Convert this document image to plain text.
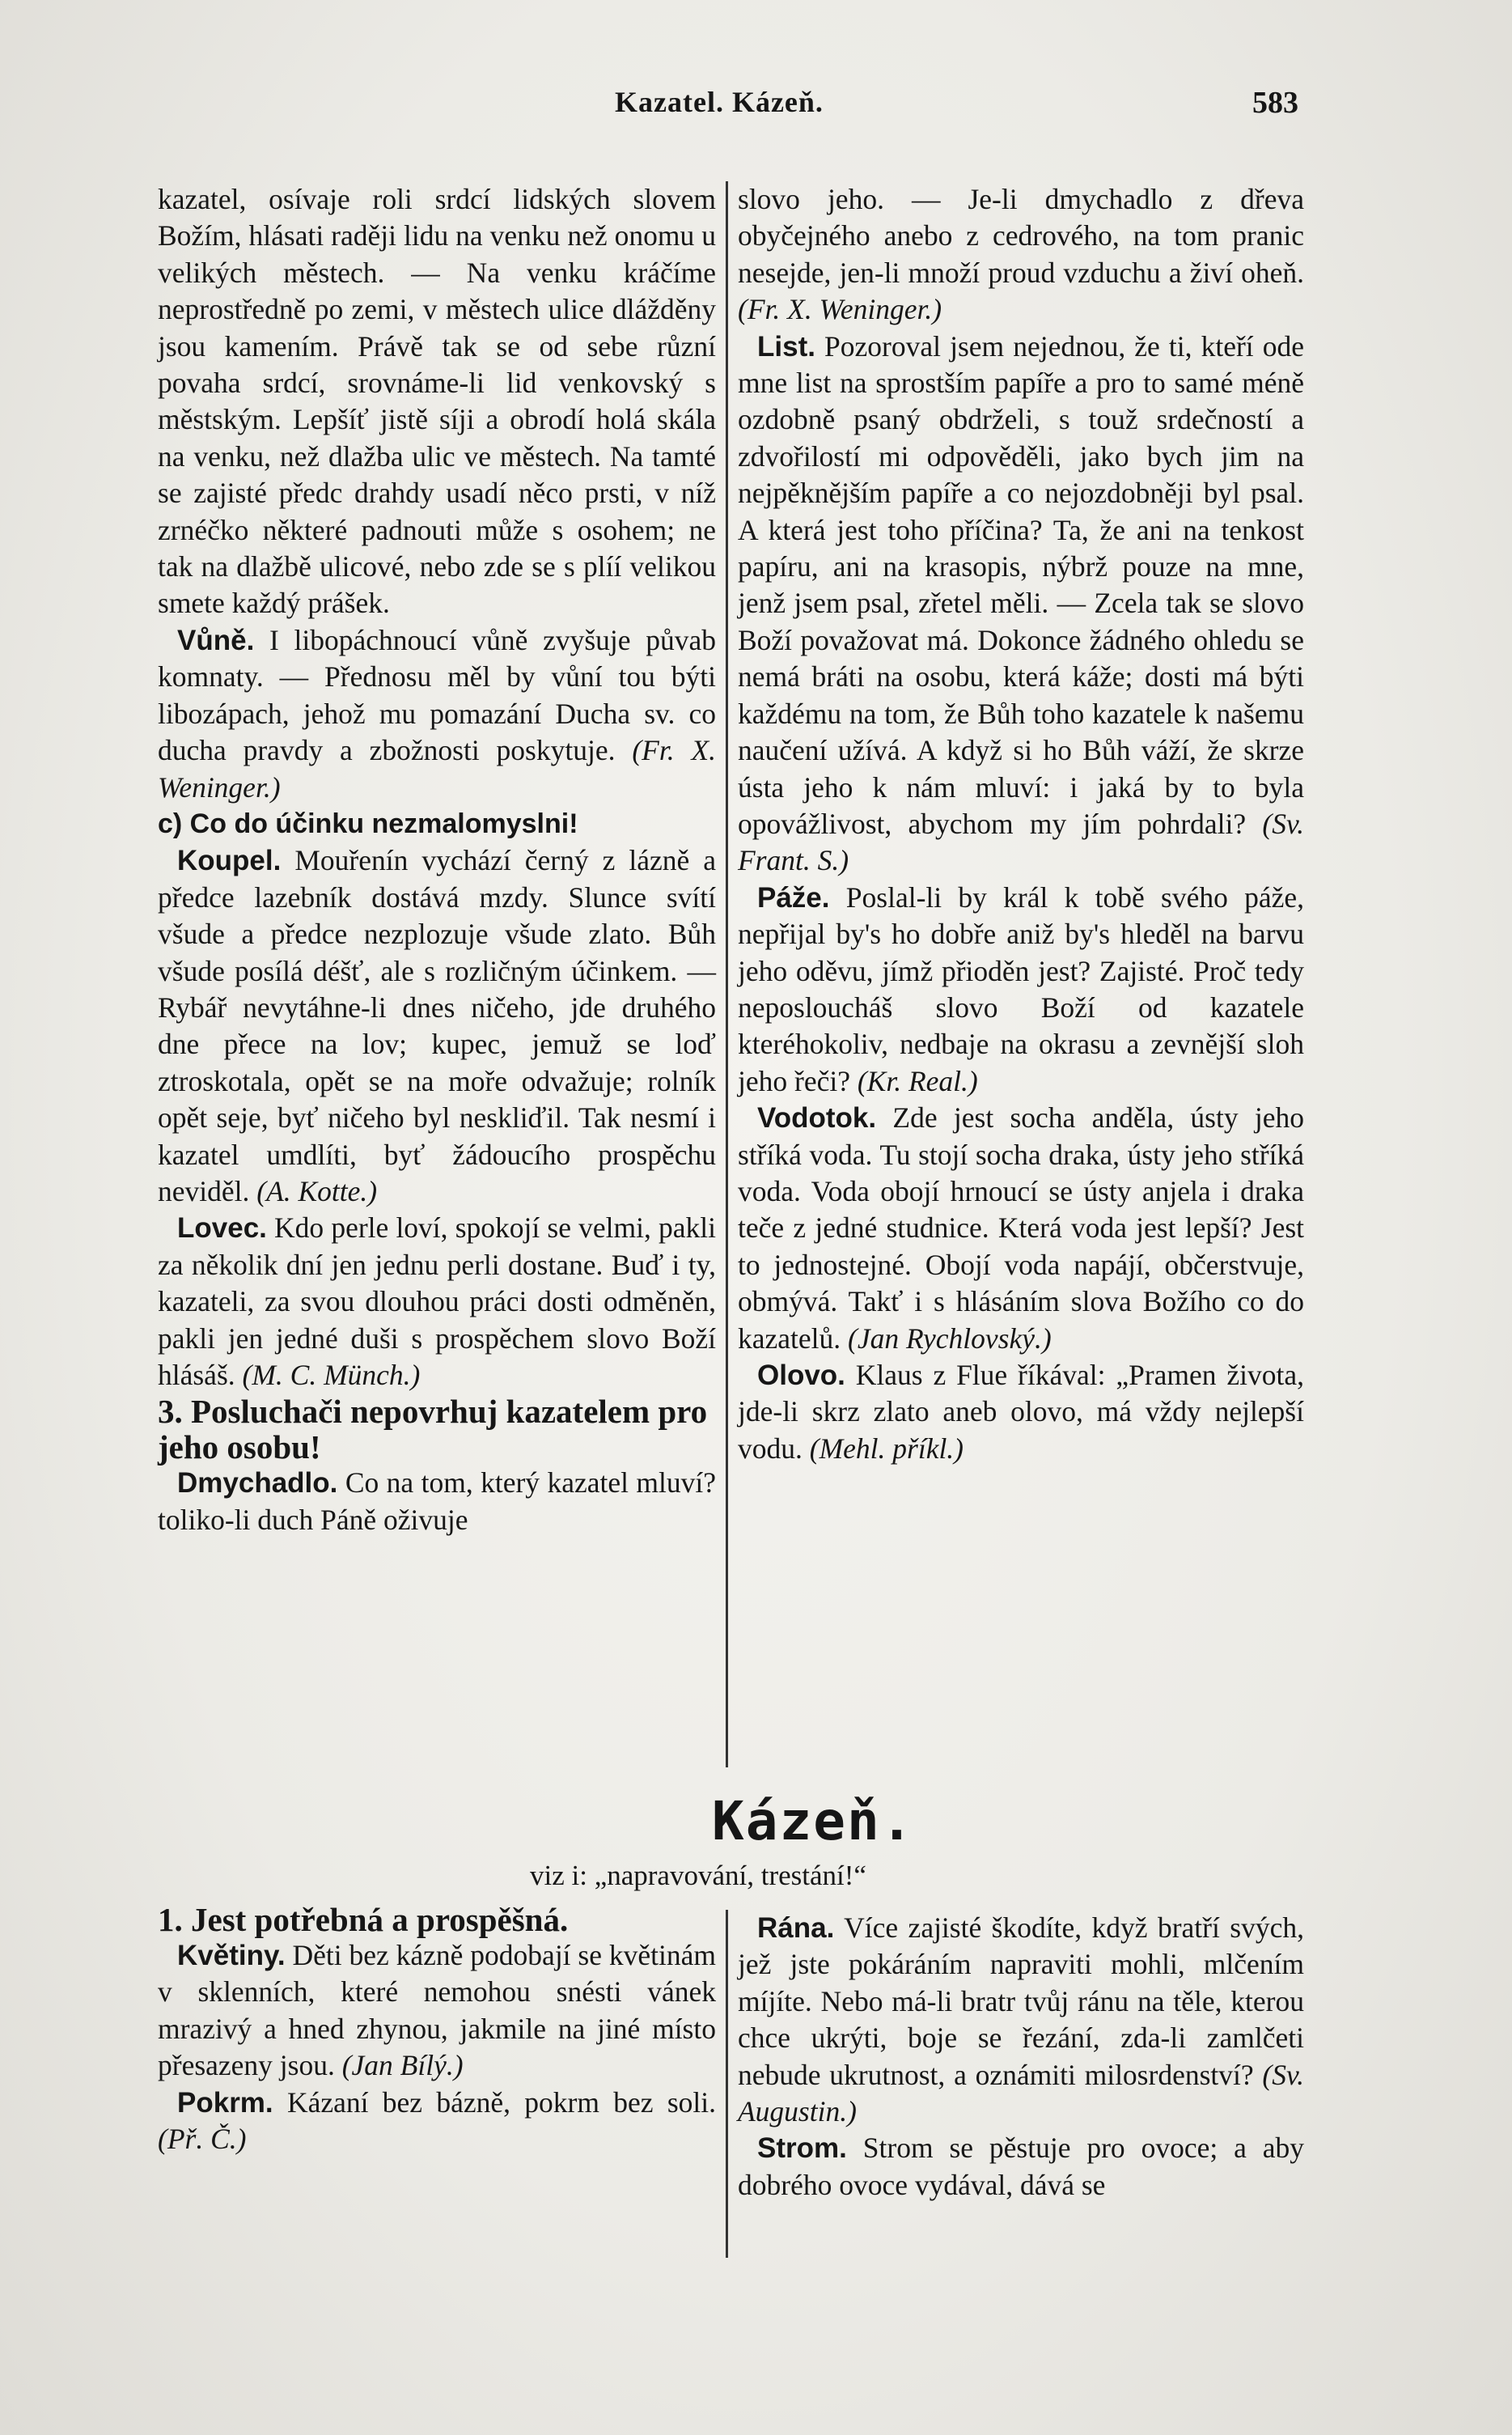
Kazatel. Kázeň.	583

kazatel, osívaje roli srdcí lidských slovem Božím, hlásati raději lidu na venku než onomu u velikých městech. — Na venku kráčíme neprostředně po zemi, v městech ulice dlážděny jsou kamením. Právě tak se od sebe různí povaha srdcí, srovnáme-li lid venkovský s městským. Lepšíť jistě síji a obrodí holá skála na venku, než dlažba ulic ve městech. Na tamté se zajisté předc drahdy usadí něco prsti, v níž zrnéčko některé padnouti může s osohem; ne tak na dlažbě ulicové, nebo zde se s plíí velikou smete každý prášek.

Vůně. I libopáchnoucí vůně zvyšuje půvab komnaty. — Přednosu měl by vůní tou býti libozápach, jehož mu pomazání Ducha sv. co ducha pravdy a zbožnosti poskytuje. (Fr. X. Weninger.)

c) Co do účinku nezmalomyslni!

Koupel. Mouřenín vychází černý z lázně a předce lazebník dostává mzdy. Slunce svítí všude a předce nezplozuje všude zlato. Bůh všude posílá déšť, ale s rozličným účinkem. — Rybář nevytáhne-li dnes ničeho, jde druhého dne přece na lov; kupec, jemuž se loď ztroskotala, opět se na moře odvažuje; rolník opět seje, byť ničeho byl neskliďil. Tak nesmí i kazatel umdlíti, byť žádoucího prospěchu neviděl. (A. Kotte.)

Lovec. Kdo perle loví, spokojí se velmi, pakli za několik dní jen jednu perli dostane. Buď i ty, kazateli, za svou dlouhou práci dosti odměněn, pakli jen jedné duši s prospěchem slovo Boží hlásáš. (M. C. Münch.)

3. Posluchači nepovrhuj kazatelem pro jeho osobu!

Dmychadlo. Co na tom, který kazatel mluví? toliko-li duch Páně oživuje

slovo jeho. — Je-li dmychadlo z dřeva obyčejného anebo z cedrového, na tom pranic nesejde, jen-li množí proud vzduchu a živí oheň. (Fr. X. Weninger.)

List. Pozoroval jsem nejednou, že ti, kteří ode mne list na sprostším papíře a pro to samé méně ozdobně psaný obdrželi, s touž srdečností a zdvořilostí mi odpověděli, jako bych jim na nejpěknějším papíře a co nejozdobněji byl psal. A která jest toho příčina? Ta, že ani na tenkost papíru, ani na krasopis, nýbrž pouze na mne, jenž jsem psal, zřetel měli. — Zcela tak se slovo Boží považovat má. Dokonce žádného ohledu se nemá bráti na osobu, která káže; dosti má býti každému na tom, že Bůh toho kazatele k našemu naučení užívá. A když si ho Bůh váží, že skrze ústa jeho k nám mluví: i jaká by to byla opovážlivost, abychom my jím pohrdali? (Sv. Frant. S.)

Páže. Poslal-li by král k tobě svého páže, nepřijal by's ho dobře aniž by's hleděl na barvu jeho oděvu, jímž přioděn jest? Zajisté. Proč tedy neposloucháš slovo Boží od kazatele kteréhokoliv, nedbaje na okrasu a zevnější sloh jeho řeči? (Kr. Real.)

Vodotok. Zde jest socha anděla, ústy jeho stříká voda. Tu stojí socha draka, ústy jeho stříká voda. Voda obojí hrnoucí se ústy anjela i draka teče z jedné studnice. Která voda jest lepší? Jest to jednostejné. Obojí voda napájí, občerstvuje, obmývá. Takť i s hlásáním slova Božího co do kazatelů. (Jan Rychlovský.)

Olovo. Klaus z Flue říkával: „Pramen života, jde-li skrz zlato aneb olovo, má vždy nejlepší vodu. (Mehl. příkl.)

Kázeň.
viz i: „napravování, trestání!“

1. Jest potřebná a prospěšná.

Květiny. Děti bez kázně podobají se květinám v sklenních, které nemohou snésti vánek mrazivý a hned zhynou, jakmile na jiné místo přesazeny jsou. (Jan Bílý.)

Pokrm. Kázaní bez bázně, pokrm bez soli. (Př. Č.)

Rána. Více zajisté škodíte, když bratří svých, jež jste pokáráním napraviti mohli, mlčením míjíte. Nebo má-li bratr tvůj ránu na těle, kterou chce ukrýti, boje se řezání, zda-li zamlčeti nebude ukrutnost, a oznámiti milosrdenství? (Sv. Augustin.)

Strom. Strom se pěstuje pro ovoce; a aby dobrého ovoce vydával, dává se
